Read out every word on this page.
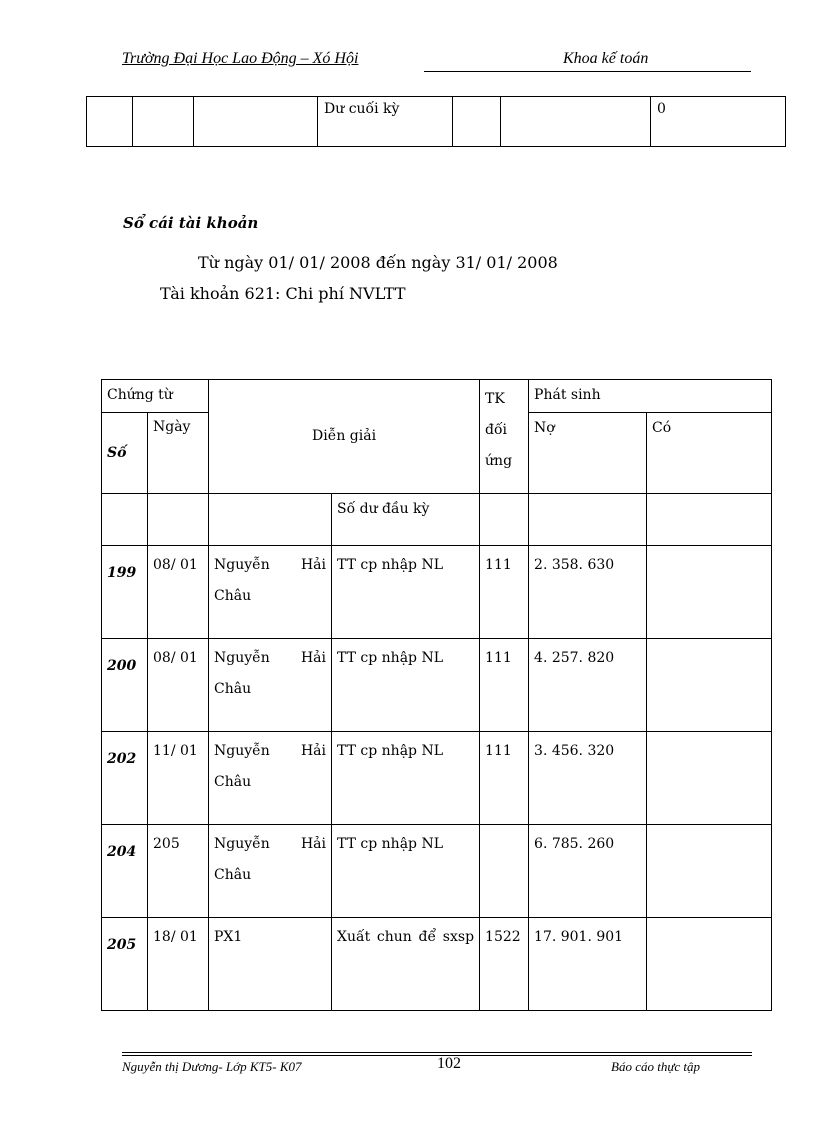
Trường Đại Học Lao Động – Xó Hội	Khoa kế toán
			Dư cuối kỳ			0
Sổ cái tài khoản
Từ ngày 01/ 01/ 2008 đến ngày 31/ 01/ 2008
Tài khoản 621: Chi phí NVLTT
Chứng từ		Diễn giải		TK đối ứng	Phát sinh	
Số	Ngày				Nợ	Có
			Số dư đầu kỳ			
199	08/ 01	Nguyễn Hải Châu	TT cp nhập NL	111	2. 358. 630	
200	08/ 01	Nguyễn Hải Châu	TT cp nhập NL	111	4. 257. 820	
202	11/ 01	Nguyễn Hải Châu	TT cp nhập NL	111	3. 456. 320	
204	205	Nguyễn Hải Châu	TT cp nhập NL		6. 785. 260	
205	18/ 01	PX1	Xuất chun để sxsp	1522	17. 901. 901	
Nguyễn thị Dương- Lớp KT5- K07	102	Báo cáo thực tập
